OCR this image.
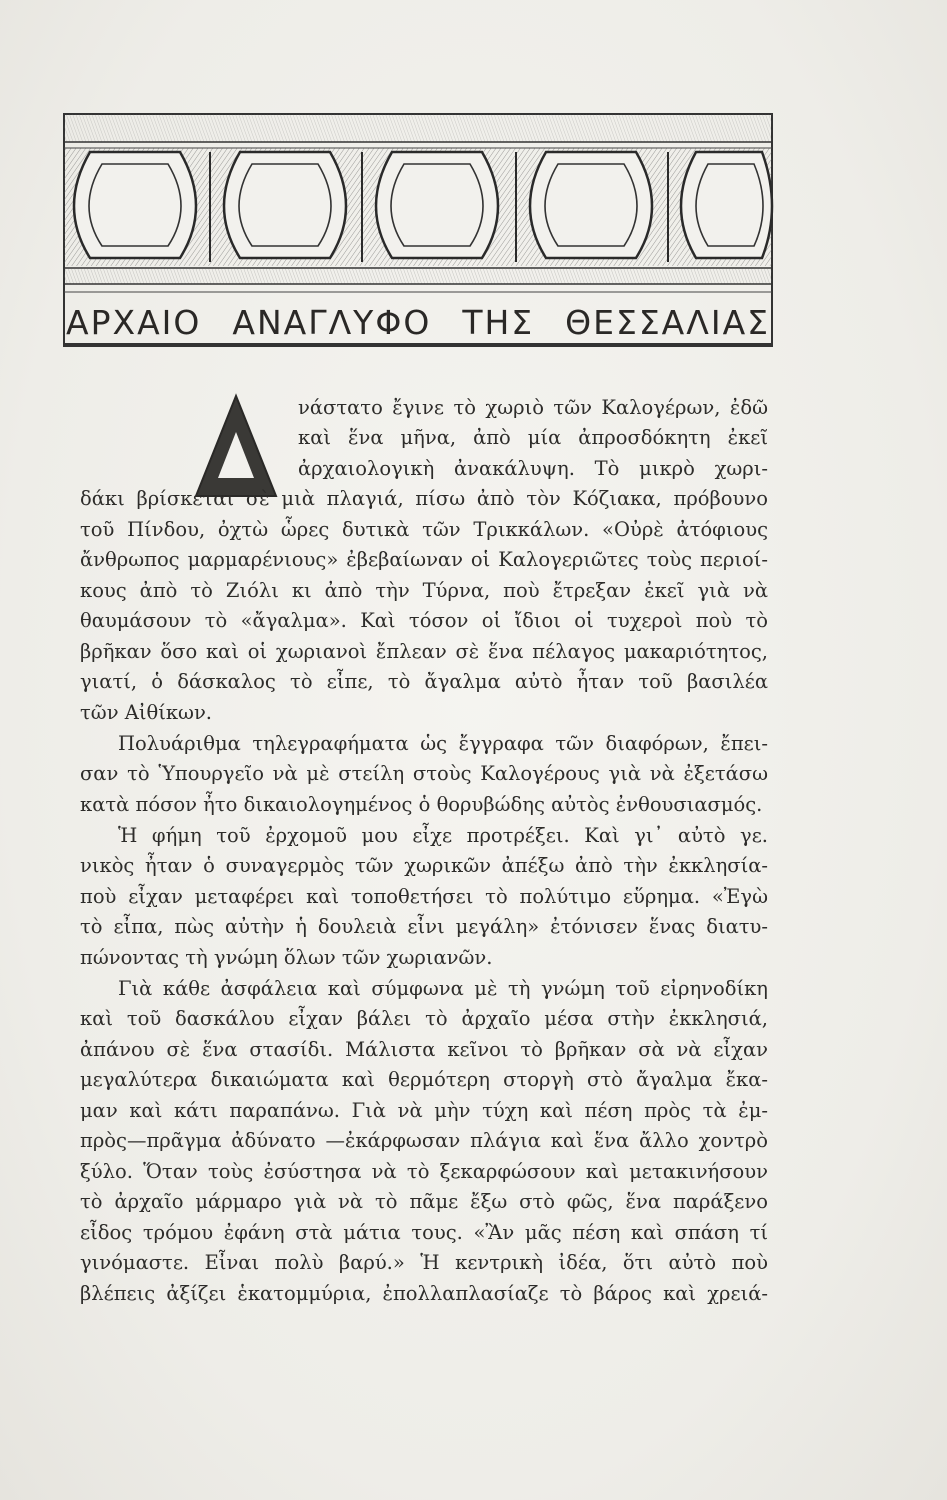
ΑΡΧΑΙΟ ΑΝΑΓΛΥΦΟ ΤΗΣ ΘΕΣΣΑΛΙΑΣ
νάστατο ἔγινε τὸ χωριὸ τῶν Καλογέρων, ἐδῶ
καὶ ἕνα μῆνα, ἀπὸ μία ἀπροσδόκητη ἐκεῖ
ἀρχαιολογικὴ ἀνακάλυψη. Τὸ μικρὸ χωρι-
δάκι βρίσκεται σὲ μιὰ πλαγιά, πίσω ἀπὸ τὸν Κόζιακα, πρόβουνο
τοῦ Πίνδου, ὀχτὼ ὧρες δυτικὰ τῶν Τρικκάλων. «Οὐρὲ ἀτόφιους
ἄνθρωπος μαρμαρένιους» ἐβεβαίωναν οἱ Καλογεριῶτες τοὺς περιοί-
κους ἀπὸ τὸ Ζιόλι κι ἀπὸ τὴν Τύρνα, ποὺ ἔτρεξαν ἐκεῖ γιὰ νὰ
θαυμάσουν τὸ «ἄγαλμα». Καὶ τόσον οἱ ἴδιοι οἱ τυχεροὶ ποὺ τὸ
βρῆκαν ὅσο καὶ οἱ χωριανοὶ ἔπλεαν σὲ ἕνα πέλαγος μακαριότητος,
γιατί, ὁ δάσκαλος τὸ εἶπε, τὸ ἄγαλμα αὐτὸ ἦταν τοῦ βασιλέα
τῶν Αἰθίκων.
Πολυάριθμα τηλεγραφήματα ὡς ἔγγραφα τῶν διαφόρων, ἔπει-
σαν τὸ Ὑπουργεῖο νὰ μὲ στείλη στοὺς Καλογέρους γιὰ νὰ ἐξετάσω
κατὰ πόσον ἦτο δικαιολογημένος ὁ θορυβώδης αὐτὸς ἐνθουσιασμός.
Ἡ φήμη τοῦ ἐρχομοῦ μου εἶχε προτρέξει. Καὶ γι᾽ αὐτὸ γε.
νικὸς ἦταν ὁ συναγερμὸς τῶν χωρικῶν ἀπέξω ἀπὸ τὴν ἐκκλησία-
ποὺ εἶχαν μεταφέρει καὶ τοποθετήσει τὸ πολύτιμο εὕρημα. «Ἐγὼ
τὸ εἶπα, πὼς αὐτὴν ἡ δουλειὰ εἶνι μεγάλη» ἐτόνισεν ἕνας διατυ-
πώνοντας τὴ γνώμη ὅλων τῶν χωριανῶν.
Γιὰ κάθε ἀσφάλεια καὶ σύμφωνα μὲ τὴ γνώμη τοῦ εἰρηνοδίκη
καὶ τοῦ δασκάλου εἶχαν βάλει τὸ ἀρχαῖο μέσα στὴν ἐκκλησιά,
ἀπάνου σὲ ἕνα στασίδι. Μάλιστα κεῖνοι τὸ βρῆκαν σὰ νὰ εἶχαν
μεγαλύτερα δικαιώματα καὶ θερμότερη στοργὴ στὸ ἄγαλμα ἔκα-
μαν καὶ κάτι παραπάνω. Γιὰ νὰ μὴν τύχη καὶ πέση πρὸς τὰ ἐμ-
πρὸς—πρᾶγμα ἀδύνατο —ἐκάρφωσαν πλάγια καὶ ἕνα ἄλλο χοντρὸ
ξύλο. Ὅταν τοὺς ἐσύστησα νὰ τὸ ξεκαρφώσουν καὶ μετακινήσουν
τὸ ἀρχαῖο μάρμαρο γιὰ νὰ τὸ πᾶμε ἔξω στὸ φῶς, ἕνα παράξενο
εἶδος τρόμου ἐφάνη στὰ μάτια τους. «Ἂν μᾶς πέση καὶ σπάση τί
γινόμαστε. Εἶναι πολὺ βαρύ.» Ἡ κεντρικὴ ἰδέα, ὅτι αὐτὸ ποὺ
βλέπεις ἀξίζει ἑκατομμύρια, ἐπολλαπλασίαζε τὸ βάρος καὶ χρειά-
